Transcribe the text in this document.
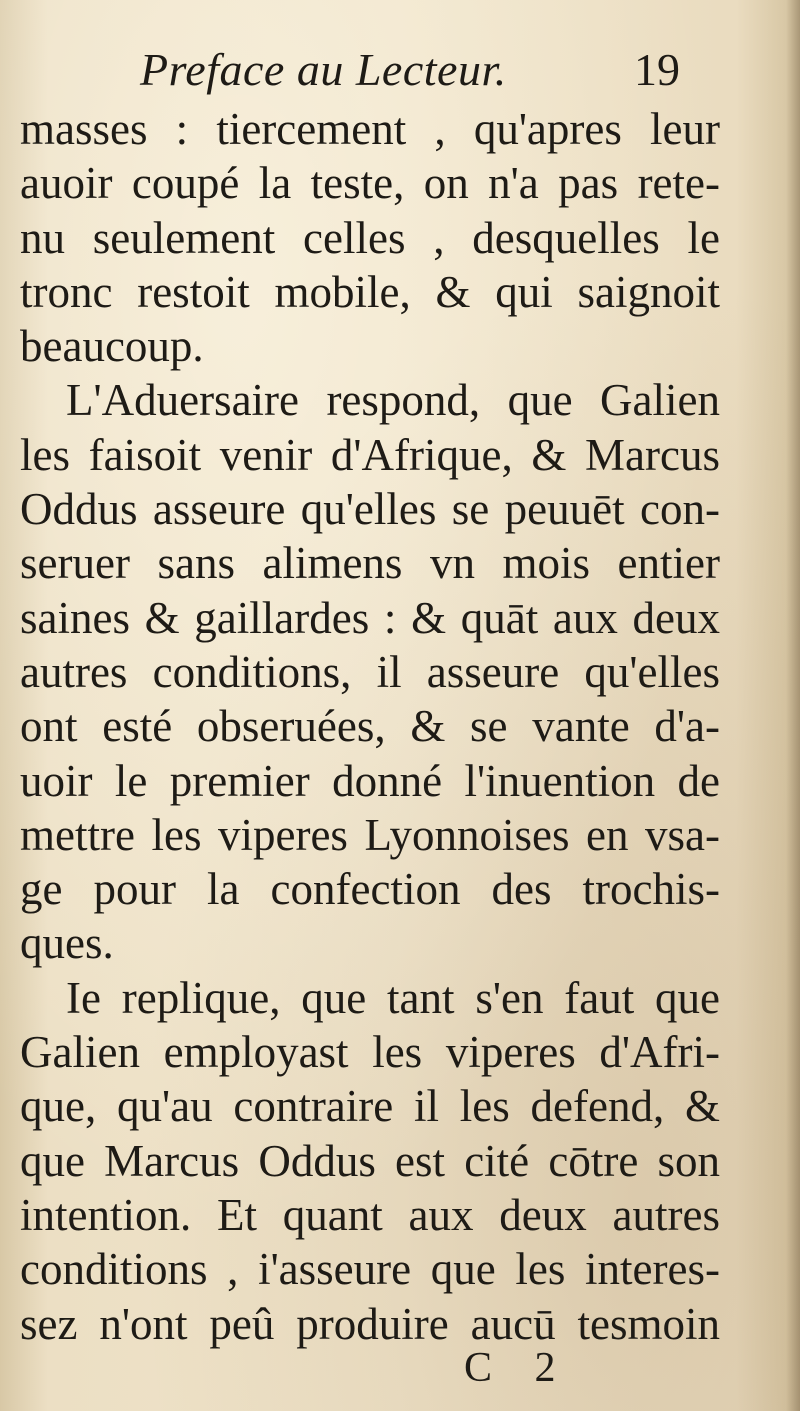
Preface au Lecteur.	19
masses : tiercement , qu'apres leur
auoir coupé la teste, on n'a pas rete-
nu seulement celles , desquelles le
tronc restoit mobile, & qui saignoit
beaucoup.
L'Aduersaire respond, que Galien
les faisoit venir d'Afrique, & Marcus
Oddus asseure qu'elles se peuuēt con-
seruer sans alimens vn mois entier
saines & gaillardes : & quāt aux deux
autres conditions, il asseure qu'elles
ont esté obseruées, & se vante d'a-
uoir le premier donné l'inuention de
mettre les viperes Lyonnoises en vsa-
ge pour la confection des trochis-
ques.
Ie replique, que tant s'en faut que
Galien employast les viperes d'Afri-
que, qu'au contraire il les defend, &
que Marcus Oddus est cité cōtre son
intention. Et quant aux deux autres
conditions , i'asseure que les interes-
sez n'ont peû produire aucū tesmoin
C 2
